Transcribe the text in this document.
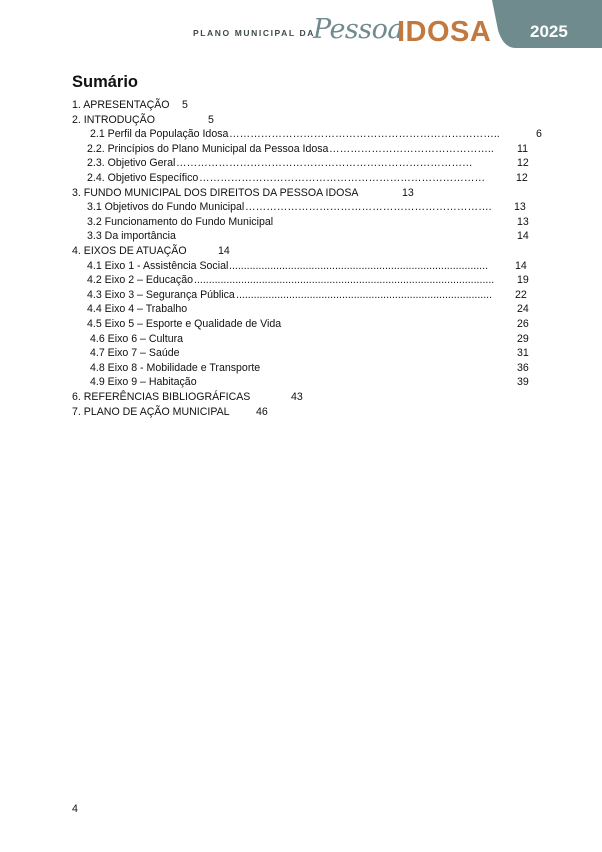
PLANO MUNICIPAL DA
Pessoa
IDOSA 2025
Sumário
1. APRESENTAÇÃO 5
2. INTRODUÇÃO	5
2.1 Perfil da População Idosa …………………………………………………………………..	6
2.2. Princípios do Plano Municipal da Pessoa Idosa ………………………………………..	11
2.3. Objetivo Geral …………………………………………………………………………	12
2.4. Objetivo Específico ………………………………………………………………………	12
3. FUNDO MUNICIPAL DOS DIREITOS DA PESSOA IDOSA	13
3.1 Objetivos do Fundo Municipal …………………………………………………………….	13
3.2 Funcionamento do Fundo Municipal	13
3.3 Da importância	14
4. EIXOS DE ATUAÇÃO	14
4.1 Eixo 1 - Assistência Social ........................................................................................	14
4.2 Eixo 2 – Educação ......................................................................................................	19
4.3 Eixo 3 – Segurança Pública .......................................................................................	22
4.4 Eixo 4 – Trabalho	24
4.5 Eixo 5 – Esporte e Qualidade de Vida	26
4.6 Eixo 6 – Cultura	29
4.7 Eixo 7 – Saúde	31
4.8 Eixo 8 - Mobilidade e Transporte	36
4.9 Eixo 9 – Habitação	39
6. REFERÊNCIAS BIBLIOGRÁFICAS	43
7. PLANO DE AÇÃO MUNICIPAL 46
4
